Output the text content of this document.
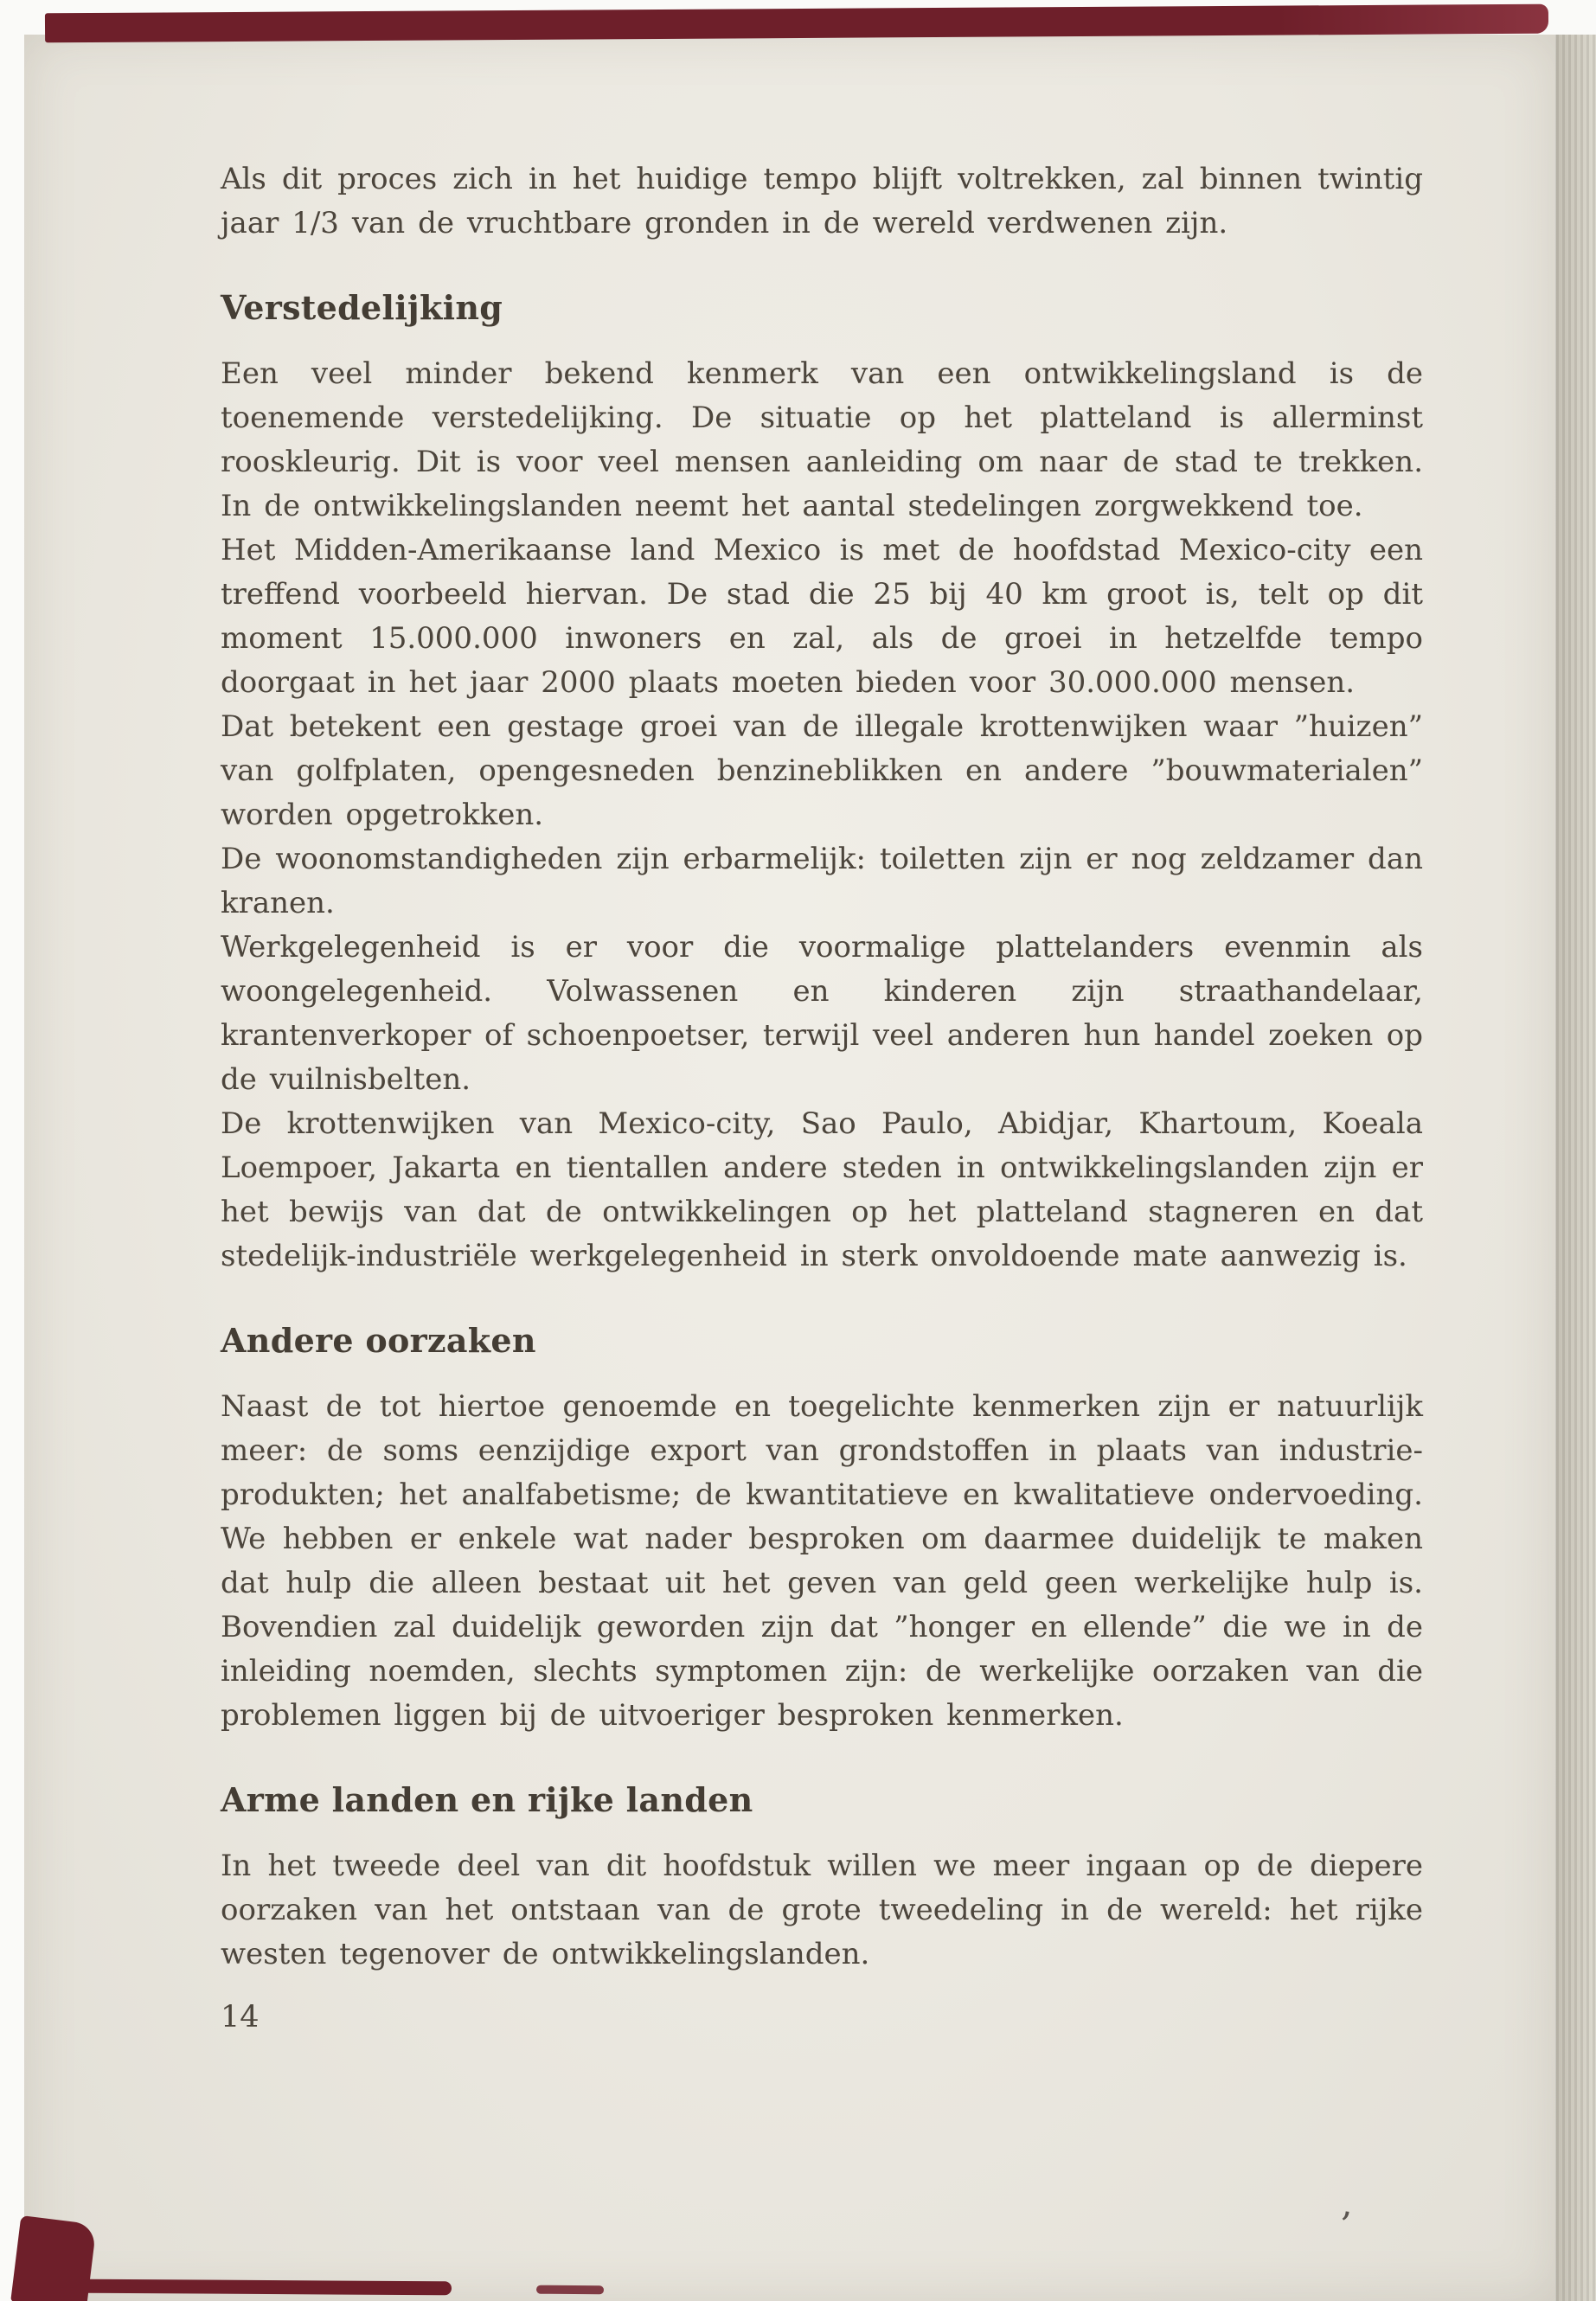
’

Als dit proces zich in het huidige tempo blijft voltrekken, zal binnen twintig jaar 1/3 van de vruchtbare gronden in de wereld verdwenen zijn.

Verstedelijking

Een veel minder bekend kenmerk van een ontwikkelingsland is de toenemende verstedelijking. De situatie op het platteland is allerminst rooskleurig. Dit is voor veel mensen aanleiding om naar de stad te trekken. In de ontwikkelingslanden neemt het aantal stedelingen zorgwekkend toe.

Het Midden-Amerikaanse land Mexico is met de hoofdstad Mexico-city een treffend voorbeeld hiervan. De stad die 25 bij 40 km groot is, telt op dit moment 15.000.000 inwoners en zal, als de groei in hetzelfde tempo doorgaat in het jaar 2000 plaats moeten bieden voor 30.000.000 mensen.

Dat betekent een gestage groei van de illegale krottenwijken waar ”huizen” van golfplaten, opengesneden benzineblikken en andere ”bouwmaterialen” worden opgetrokken.

De woonomstandigheden zijn erbarmelijk: toiletten zijn er nog zeldzamer dan kranen.

Werkgelegenheid is er voor die voormalige plattelanders evenmin als woongelegenheid. Volwassenen en kinderen zijn straathandelaar, krantenverkoper of schoenpoetser, terwijl veel anderen hun handel zoeken op de vuilnisbelten.

De krottenwijken van Mexico-city, Sao Paulo, Abidjar, Khartoum, Koeala Loempoer, Jakarta en tientallen andere steden in ontwikkelingslanden zijn er het bewijs van dat de ontwikkelingen op het platteland stagneren en dat stedelijk-industriële werkgelegenheid in sterk onvoldoende mate aanwezig is.

Andere oorzaken

Naast de tot hiertoe genoemde en toegelichte kenmerken zijn er natuurlijk meer: de soms eenzijdige export van grondstoffen in plaats van industrie-produkten; het analfabetisme; de kwantitatieve en kwalitatieve ondervoeding. We hebben er enkele wat nader besproken om daarmee duidelijk te maken dat hulp die alleen bestaat uit het geven van geld geen werkelijke hulp is. Bovendien zal duidelijk geworden zijn dat ”honger en ellende” die we in de inleiding noemden, slechts symptomen zijn: de werkelijke oorzaken van die problemen liggen bij de uitvoeriger besproken kenmerken.

Arme landen en rijke landen

In het tweede deel van dit hoofdstuk willen we meer ingaan op de diepere oorzaken van het ontstaan van de grote tweedeling in de wereld: het rijke westen tegenover de ontwikkelingslanden.

14
